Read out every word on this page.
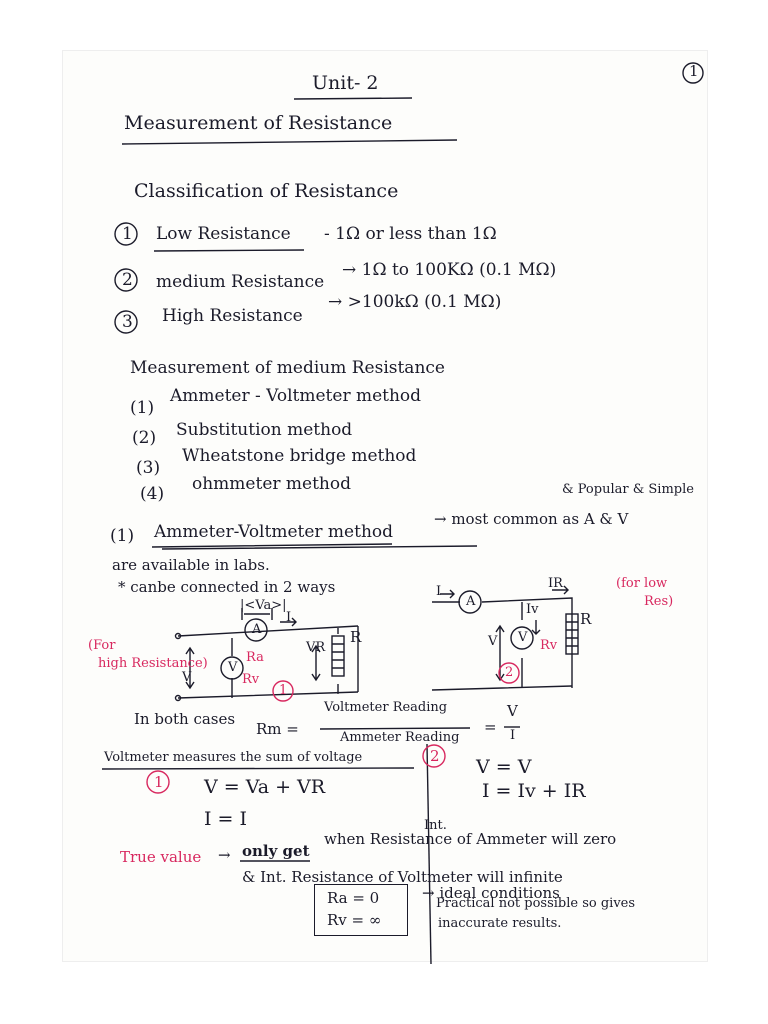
1
Unit- 2
Measurement of Resistance
Classification of Resistance
1 Low Resistance - 1Ω or less than 1Ω
2 medium Resistance
→ 1Ω to 100KΩ (0.1 MΩ)
3 High Resistance
→ >100kΩ (0.1 MΩ)
Measurement of medium Resistance
(1)
Ammeter - Voltmeter method
(2) Substitution method
(3)
Wheatstone bridge method
(4) ohmmeter method	& Popular & Simple
(1) Ammeter-Voltmeter method
→ most common as A & V
are available in labs.
* canbe connected in 2 ways
|<Va>|
I
A
Ra
VR
R
V
V
Rv
1
(For
high Resistance)
IR
I
A
Iv
R
V V
Rv
2
(for low
Res)
In both cases
Rm =
Voltmeter Reading
Ammeter Reading
=
V
I
Voltmeter measures the sum of voltage
1 V = Va + VR
I = I
2 V = V
I = Iv + IR
Int.
True value → only get
when Resistance of Ammeter will zero
& Int. Resistance of Voltmeter will infinite
Ra = 0
Rv = ∞
→ ideal conditions
Practical not possible so gives
inaccurate results.
